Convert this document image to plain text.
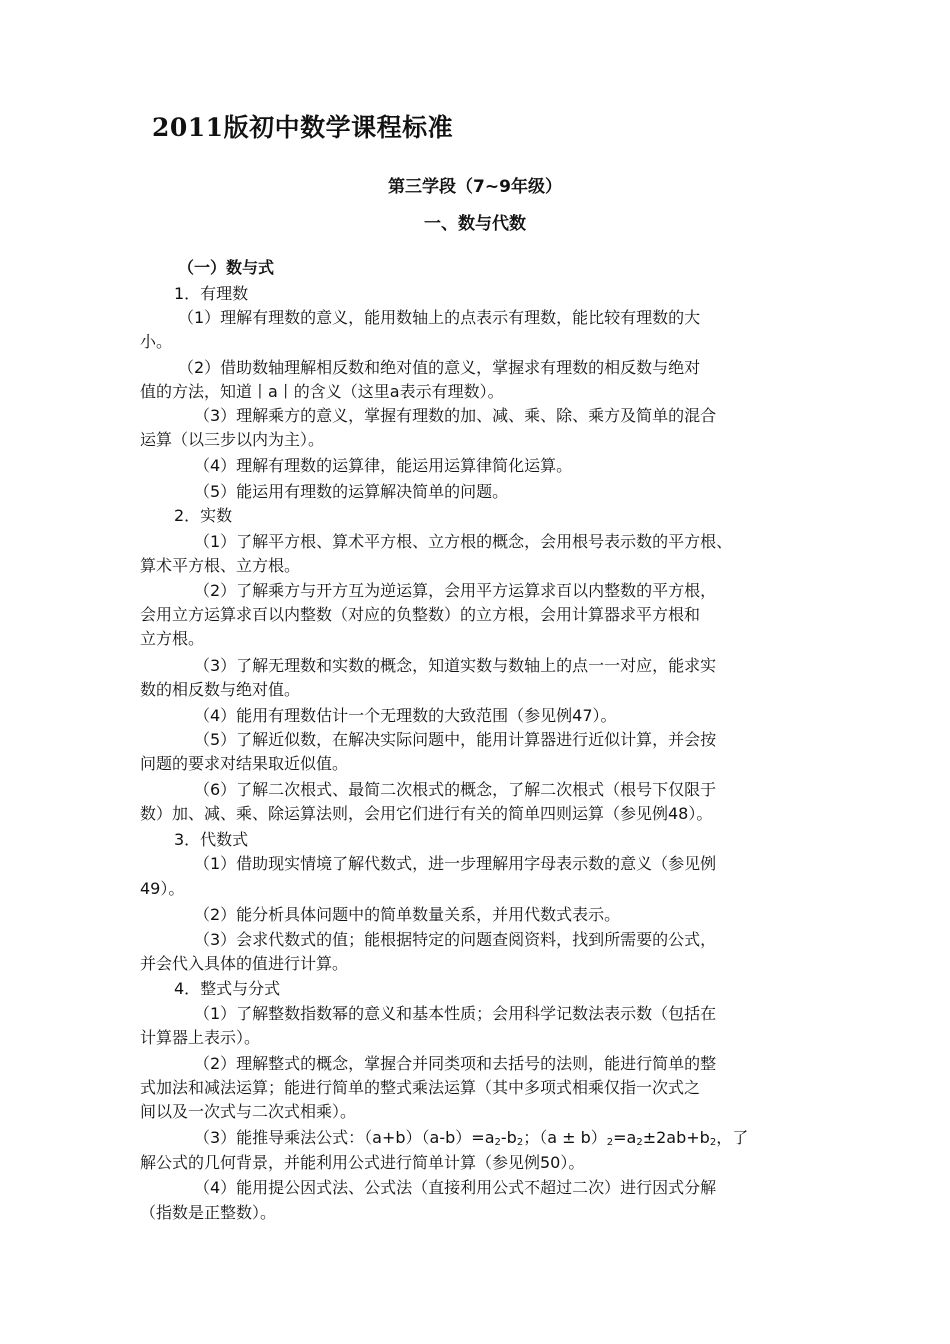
2011版初中数学课程标准
第三学段（7~9年级）
一、数与代数
（一）数与式
1．有理数
（1）理解有理数的意义，能用数轴上的点表示有理数，能比较有理数的大
小。
（2）借助数轴理解相反数和绝对值的意义，掌握求有理数的相反数与绝对
值的方法，知道丨a丨的含义（这里a表示有理数）。
（3）理解乘方的意义，掌握有理数的加、减、乘、除、乘方及简单的混合
运算（以三步以内为主）。
（4）理解有理数的运算律，能运用运算律简化运算。
（5）能运用有理数的运算解决简单的问题。
2．实数
（1）了解平方根、算术平方根、立方根的概念，会用根号表示数的平方根、
算术平方根、立方根。
（2）了解乘方与开方互为逆运算，会用平方运算求百以内整数的平方根，
会用立方运算求百以内整数（对应的负整数）的立方根，会用计算器求平方根和
立方根。
（3）了解无理数和实数的概念，知道实数与数轴上的点一一对应，能求实
数的相反数与绝对值。
（4）能用有理数估计一个无理数的大致范围（参见例47）。
（5）了解近似数，在解决实际问题中，能用计算器进行近似计算，并会按
问题的要求对结果取近似值。
（6）了解二次根式、最简二次根式的概念，了解二次根式（根号下仅限于
数）加、减、乘、除运算法则，会用它们进行有关的简单四则运算（参见例48）。
3．代数式
（1）借助现实情境了解代数式，进一步理解用字母表示数的意义（参见例
49）。
（2）能分析具体问题中的简单数量关系，并用代数式表示。
（3）会求代数式的值；能根据特定的问题查阅资料，找到所需要的公式，
并会代入具体的值进行计算。
4．整式与分式
（1）了解整数指数幂的意义和基本性质；会用科学记数法表示数（包括在
计算器上表示）。
（2）理解整式的概念，掌握合并同类项和去括号的法则，能进行简单的整
式加法和减法运算；能进行简单的整式乘法运算（其中多项式相乘仅指一次式之
间以及一次式与二次式相乘）。
（3）能推导乘法公式：$(a+b)(a-b)=a_2-b_2$；$(a \pm b)_2=a_2\pm 2ab+b_2$，了
解公式的几何背景，并能利用公式进行简单计算（参见例50）。
（4）能用提公因式法、公式法（直接利用公式不超过二次）进行因式分解
（指数是正整数）。
